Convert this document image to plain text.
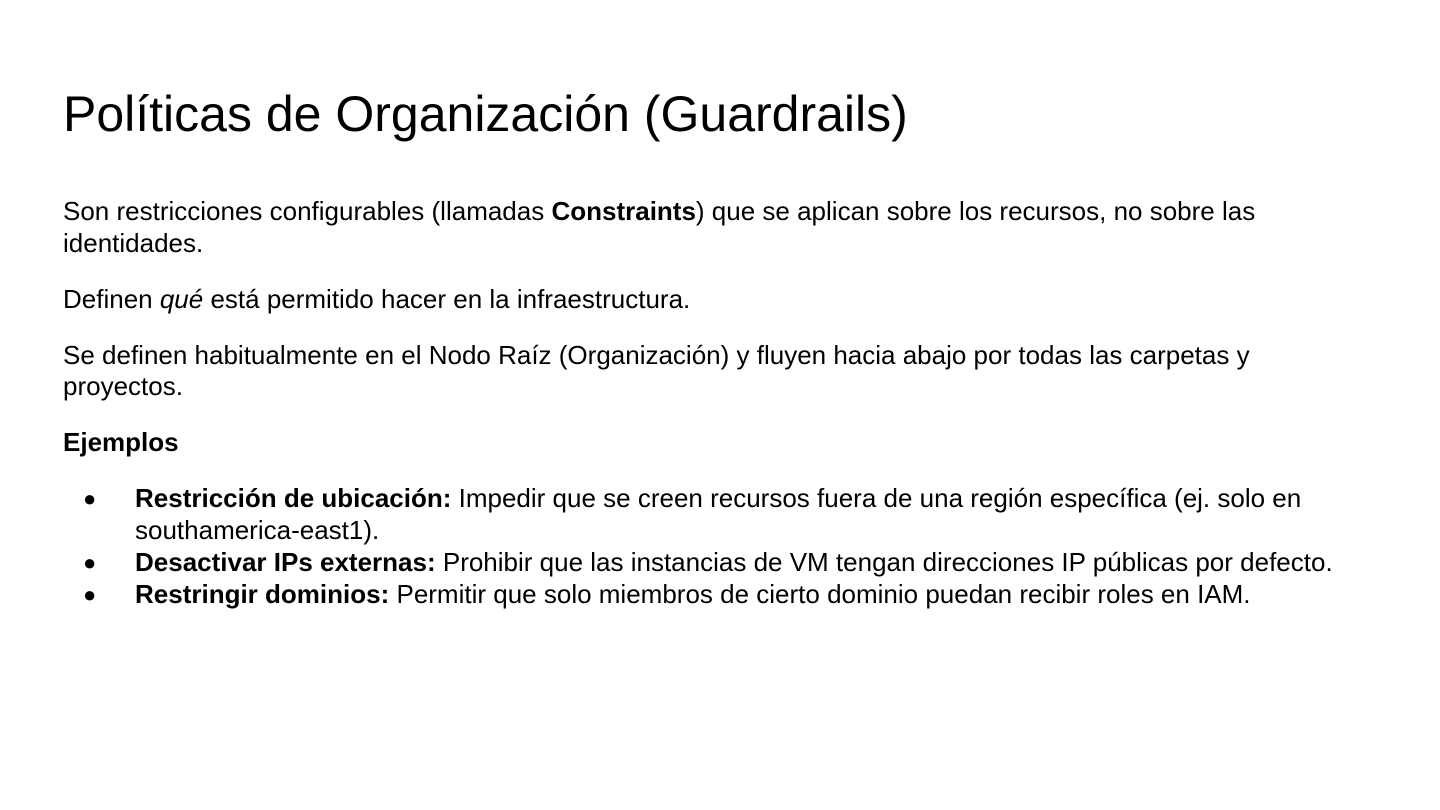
Políticas de Organización (Guardrails)

Son restricciones configurables (llamadas Constraints) que se aplican sobre los recursos, no sobre las identidades.

Definen qué está permitido hacer en la infraestructura.

Se definen habitualmente en el Nodo Raíz (Organización) y fluyen hacia abajo por todas las carpetas y proyectos.

Ejemplos

● Restricción de ubicación: Impedir que se creen recursos fuera de una región específica (ej. solo en southamerica-east1).
● Desactivar IPs externas: Prohibir que las instancias de VM tengan direcciones IP públicas por defecto.
● Restringir dominios: Permitir que solo miembros de cierto dominio puedan recibir roles en IAM.
